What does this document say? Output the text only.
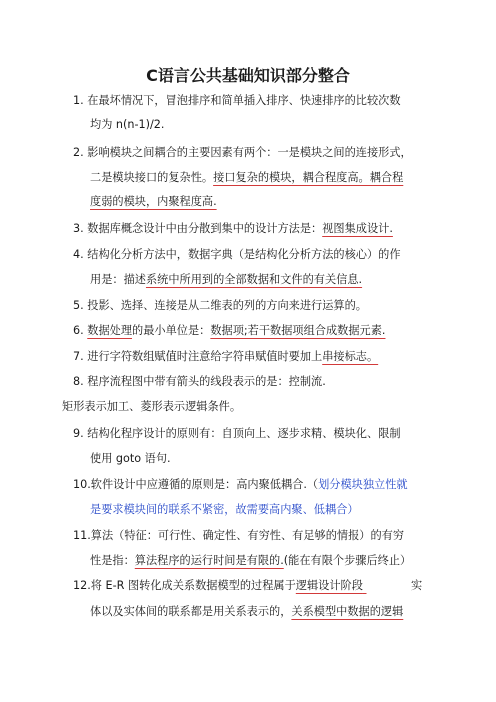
C语言公共基础知识部分整合
1. 在最坏情况下，冒泡排序和简单插入排序、快速排序的比较次数
均为 n(n-1)/2.
2. 影响模块之间耦合的主要因素有两个：一是模块之间的连接形式，
二是模块接口的复杂性。接口复杂的模块，耦合程度高。耦合程
度弱的模块，内聚程度高.
3. 数据库概念设计中由分散到集中的设计方法是：视图集成设计.
4. 结构化分析方法中，数据字典（是结构化分析方法的核心）的作
用是：描述系统中所用到的全部数据和文件的有关信息.
5. 投影、选择、连接是从二维表的列的方向来进行运算的。
6. 数据处理的最小单位是：数据项;若干数据项组合成数据元素.
7. 进行字符数组赋值时注意给字符串赋值时要加上串接标志。
8. 程序流程图中带有箭头的线段表示的是：控制流.
矩形表示加工、菱形表示逻辑条件。
9. 结构化程序设计的原则有：自顶向上、逐步求精、模块化、限制
使用 goto 语句.
10.软件设计中应遵循的原则是：高内聚低耦合.（划分模块独立性就
是要求模块间的联系不紧密，故需要高内聚、低耦合）
11.算法（特征：可行性、确定性、有穷性、有足够的情报）的有穷
性是指：算法程序的运行时间是有限的.(能在有限个步骤后终止）
12.将 E-R 图转化成关系数据模型的过程属于逻辑设计阶段	实
体以及实体间的联系都是用关系表示的，关系模型中数据的逻辑
